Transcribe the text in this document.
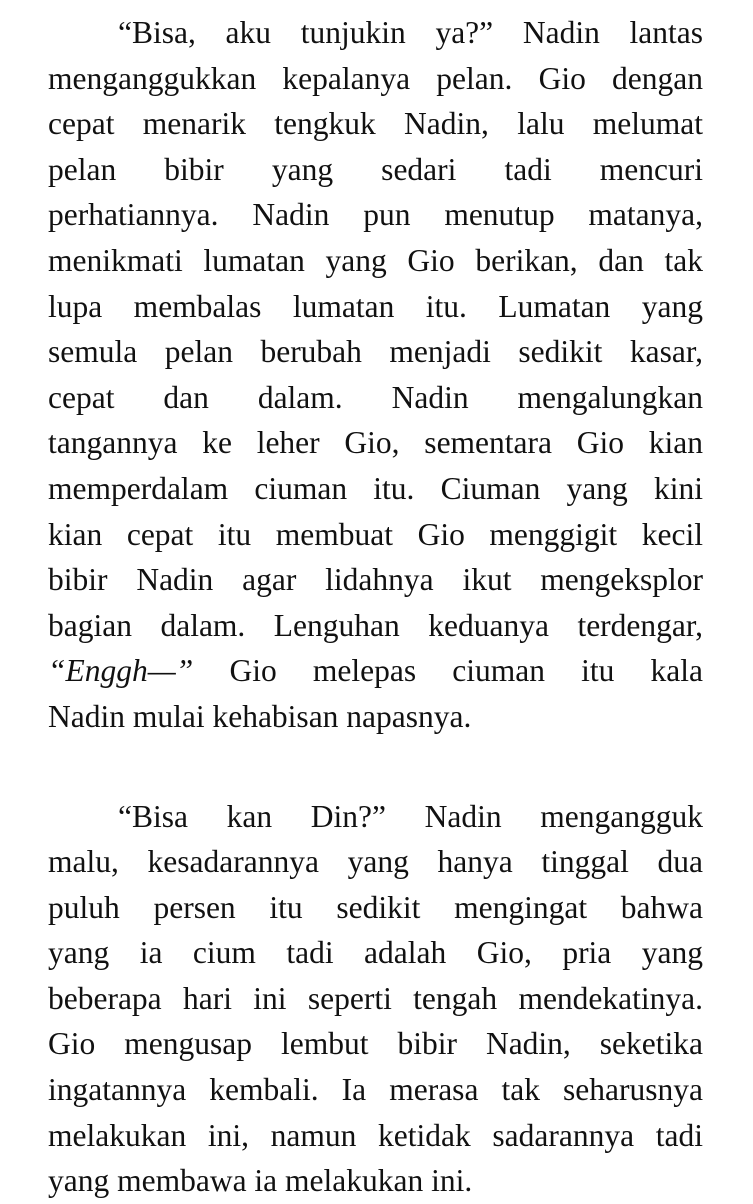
“Bisa, aku tunjukin ya?” Nadin lantas
menganggukkan kepalanya pelan. Gio dengan
cepat menarik tengkuk Nadin, lalu melumat
pelan bibir yang sedari tadi mencuri
perhatiannya. Nadin pun menutup matanya,
menikmati lumatan yang Gio berikan, dan tak
lupa membalas lumatan itu. Lumatan yang
semula pelan berubah menjadi sedikit kasar,
cepat dan dalam. Nadin mengalungkan
tangannya ke leher Gio, sementara Gio kian
memperdalam ciuman itu. Ciuman yang kini
kian cepat itu membuat Gio menggigit kecil
bibir Nadin agar lidahnya ikut mengeksplor
bagian dalam. Lenguhan keduanya terdengar,
“Enggh—” Gio melepas ciuman itu kala
Nadin mulai kehabisan napasnya.
“Bisa kan Din?” Nadin mengangguk
malu, kesadarannya yang hanya tinggal dua
puluh persen itu sedikit mengingat bahwa
yang ia cium tadi adalah Gio, pria yang
beberapa hari ini seperti tengah mendekatinya.
Gio mengusap lembut bibir Nadin, seketika
ingatannya kembali. Ia merasa tak seharusnya
melakukan ini, namun ketidak sadarannya tadi
yang membawa ia melakukan ini.
